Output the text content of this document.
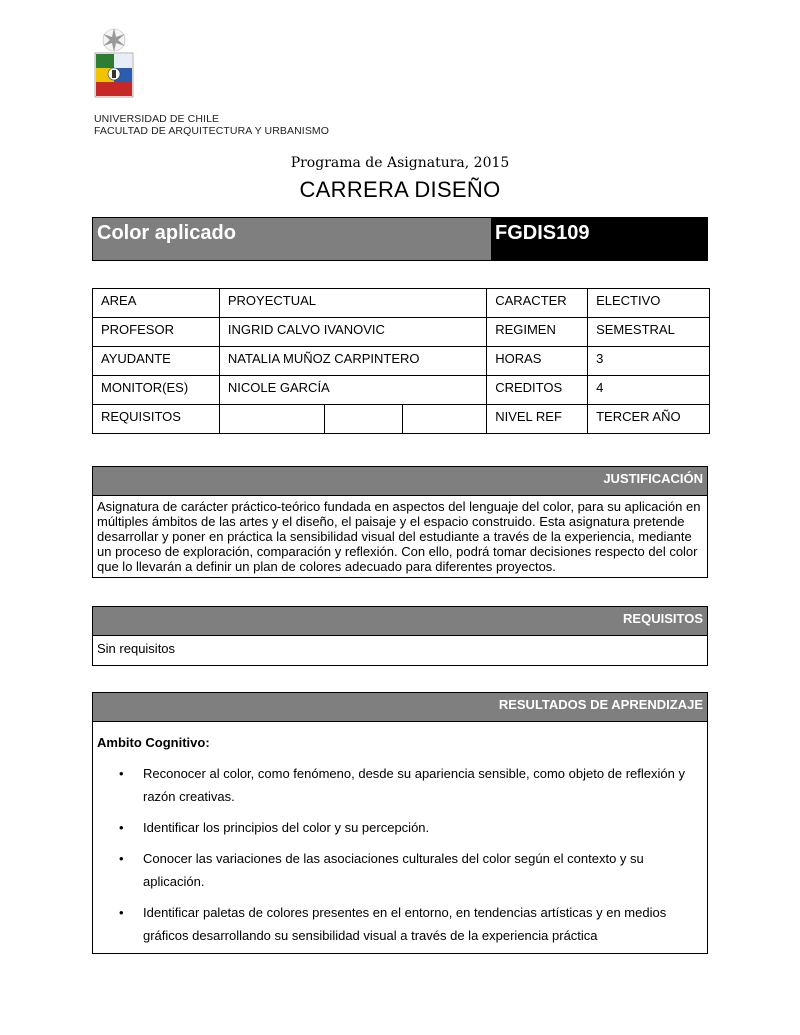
UNIVERSIDAD DE CHILE
FACULTAD DE ARQUITECTURA Y URBANISMO
Programa de Asignatura, 2015
CARRERA DISEÑO
Color aplicado	FGDIS109
AREA	PROYECTUAL			CARACTER	ELECTIVO
PROFESOR	INGRID CALVO IVANOVIC			REGIMEN	SEMESTRAL
AYUDANTE	NATALIA MUÑOZ CARPINTERO			HORAS	3
MONITOR(ES)	NICOLE GARCÍA			CREDITOS	4
REQUISITOS				NIVEL REF	TERCER AÑO
JUSTIFICACIÓN
Asignatura de carácter práctico-teórico fundada en aspectos del lenguaje del color, para su aplicación en múltiples ámbitos de las artes y el diseño, el paisaje y el espacio construido. Esta asignatura pretende desarrollar y poner en práctica la sensibilidad visual del estudiante a través de la experiencia, mediante un proceso de exploración, comparación y reflexión. Con ello, podrá tomar decisiones respecto del color que lo llevarán a definir un plan de colores adecuado para diferentes proyectos.
REQUISITOS
Sin requisitos
RESULTADOS DE APRENDIZAJE
Ambito Cognitivo:
• Reconocer al color, como fenómeno, desde su apariencia sensible, como objeto de reflexión y razón creativas.
• Identificar los principios del color y su percepción.
• Conocer las variaciones de las asociaciones culturales del color según el contexto y su aplicación.
• Identificar paletas de colores presentes en el entorno, en tendencias artísticas y en medios gráficos desarrollando su sensibilidad visual a través de la experiencia práctica
